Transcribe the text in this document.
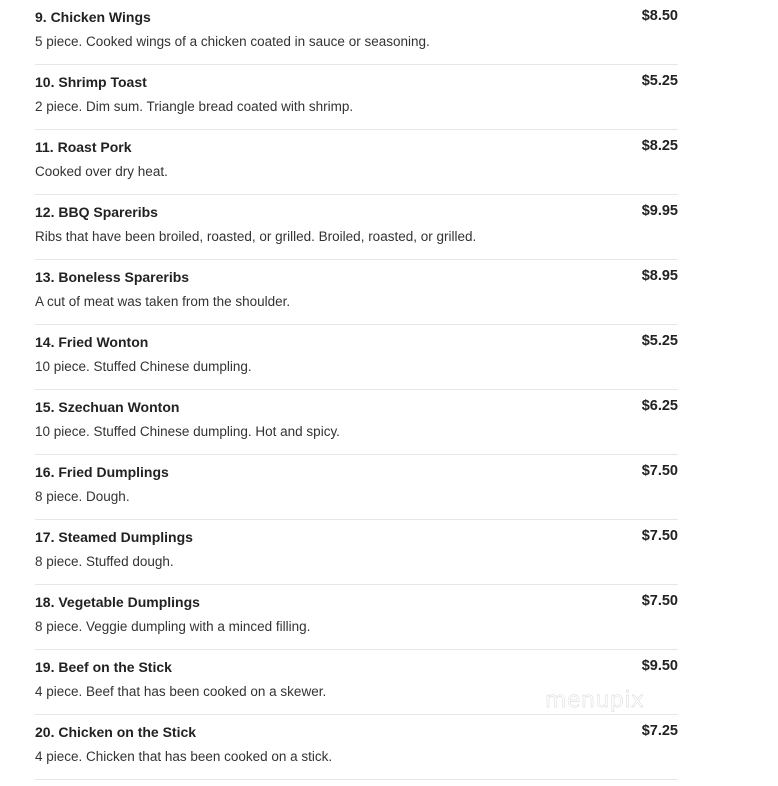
9. Chicken Wings	$8.50
5 piece. Cooked wings of a chicken coated in sauce or seasoning.
10. Shrimp Toast	$5.25
2 piece. Dim sum. Triangle bread coated with shrimp.
11. Roast Pork	$8.25
Cooked over dry heat.
12. BBQ Spareribs	$9.95
Ribs that have been broiled, roasted, or grilled. Broiled, roasted, or grilled.
13. Boneless Spareribs	$8.95
A cut of meat was taken from the shoulder.
14. Fried Wonton	$5.25
10 piece. Stuffed Chinese dumpling.
15. Szechuan Wonton	$6.25
10 piece. Stuffed Chinese dumpling. Hot and spicy.
16. Fried Dumplings	$7.50
8 piece. Dough.
17. Steamed Dumplings	$7.50
8 piece. Stuffed dough.
18. Vegetable Dumplings	$7.50
8 piece. Veggie dumpling with a minced filling.
19. Beef on the Stick	$9.50
4 piece. Beef that has been cooked on a skewer.
20. Chicken on the Stick	$7.25
4 piece. Chicken that has been cooked on a stick.
menupix
